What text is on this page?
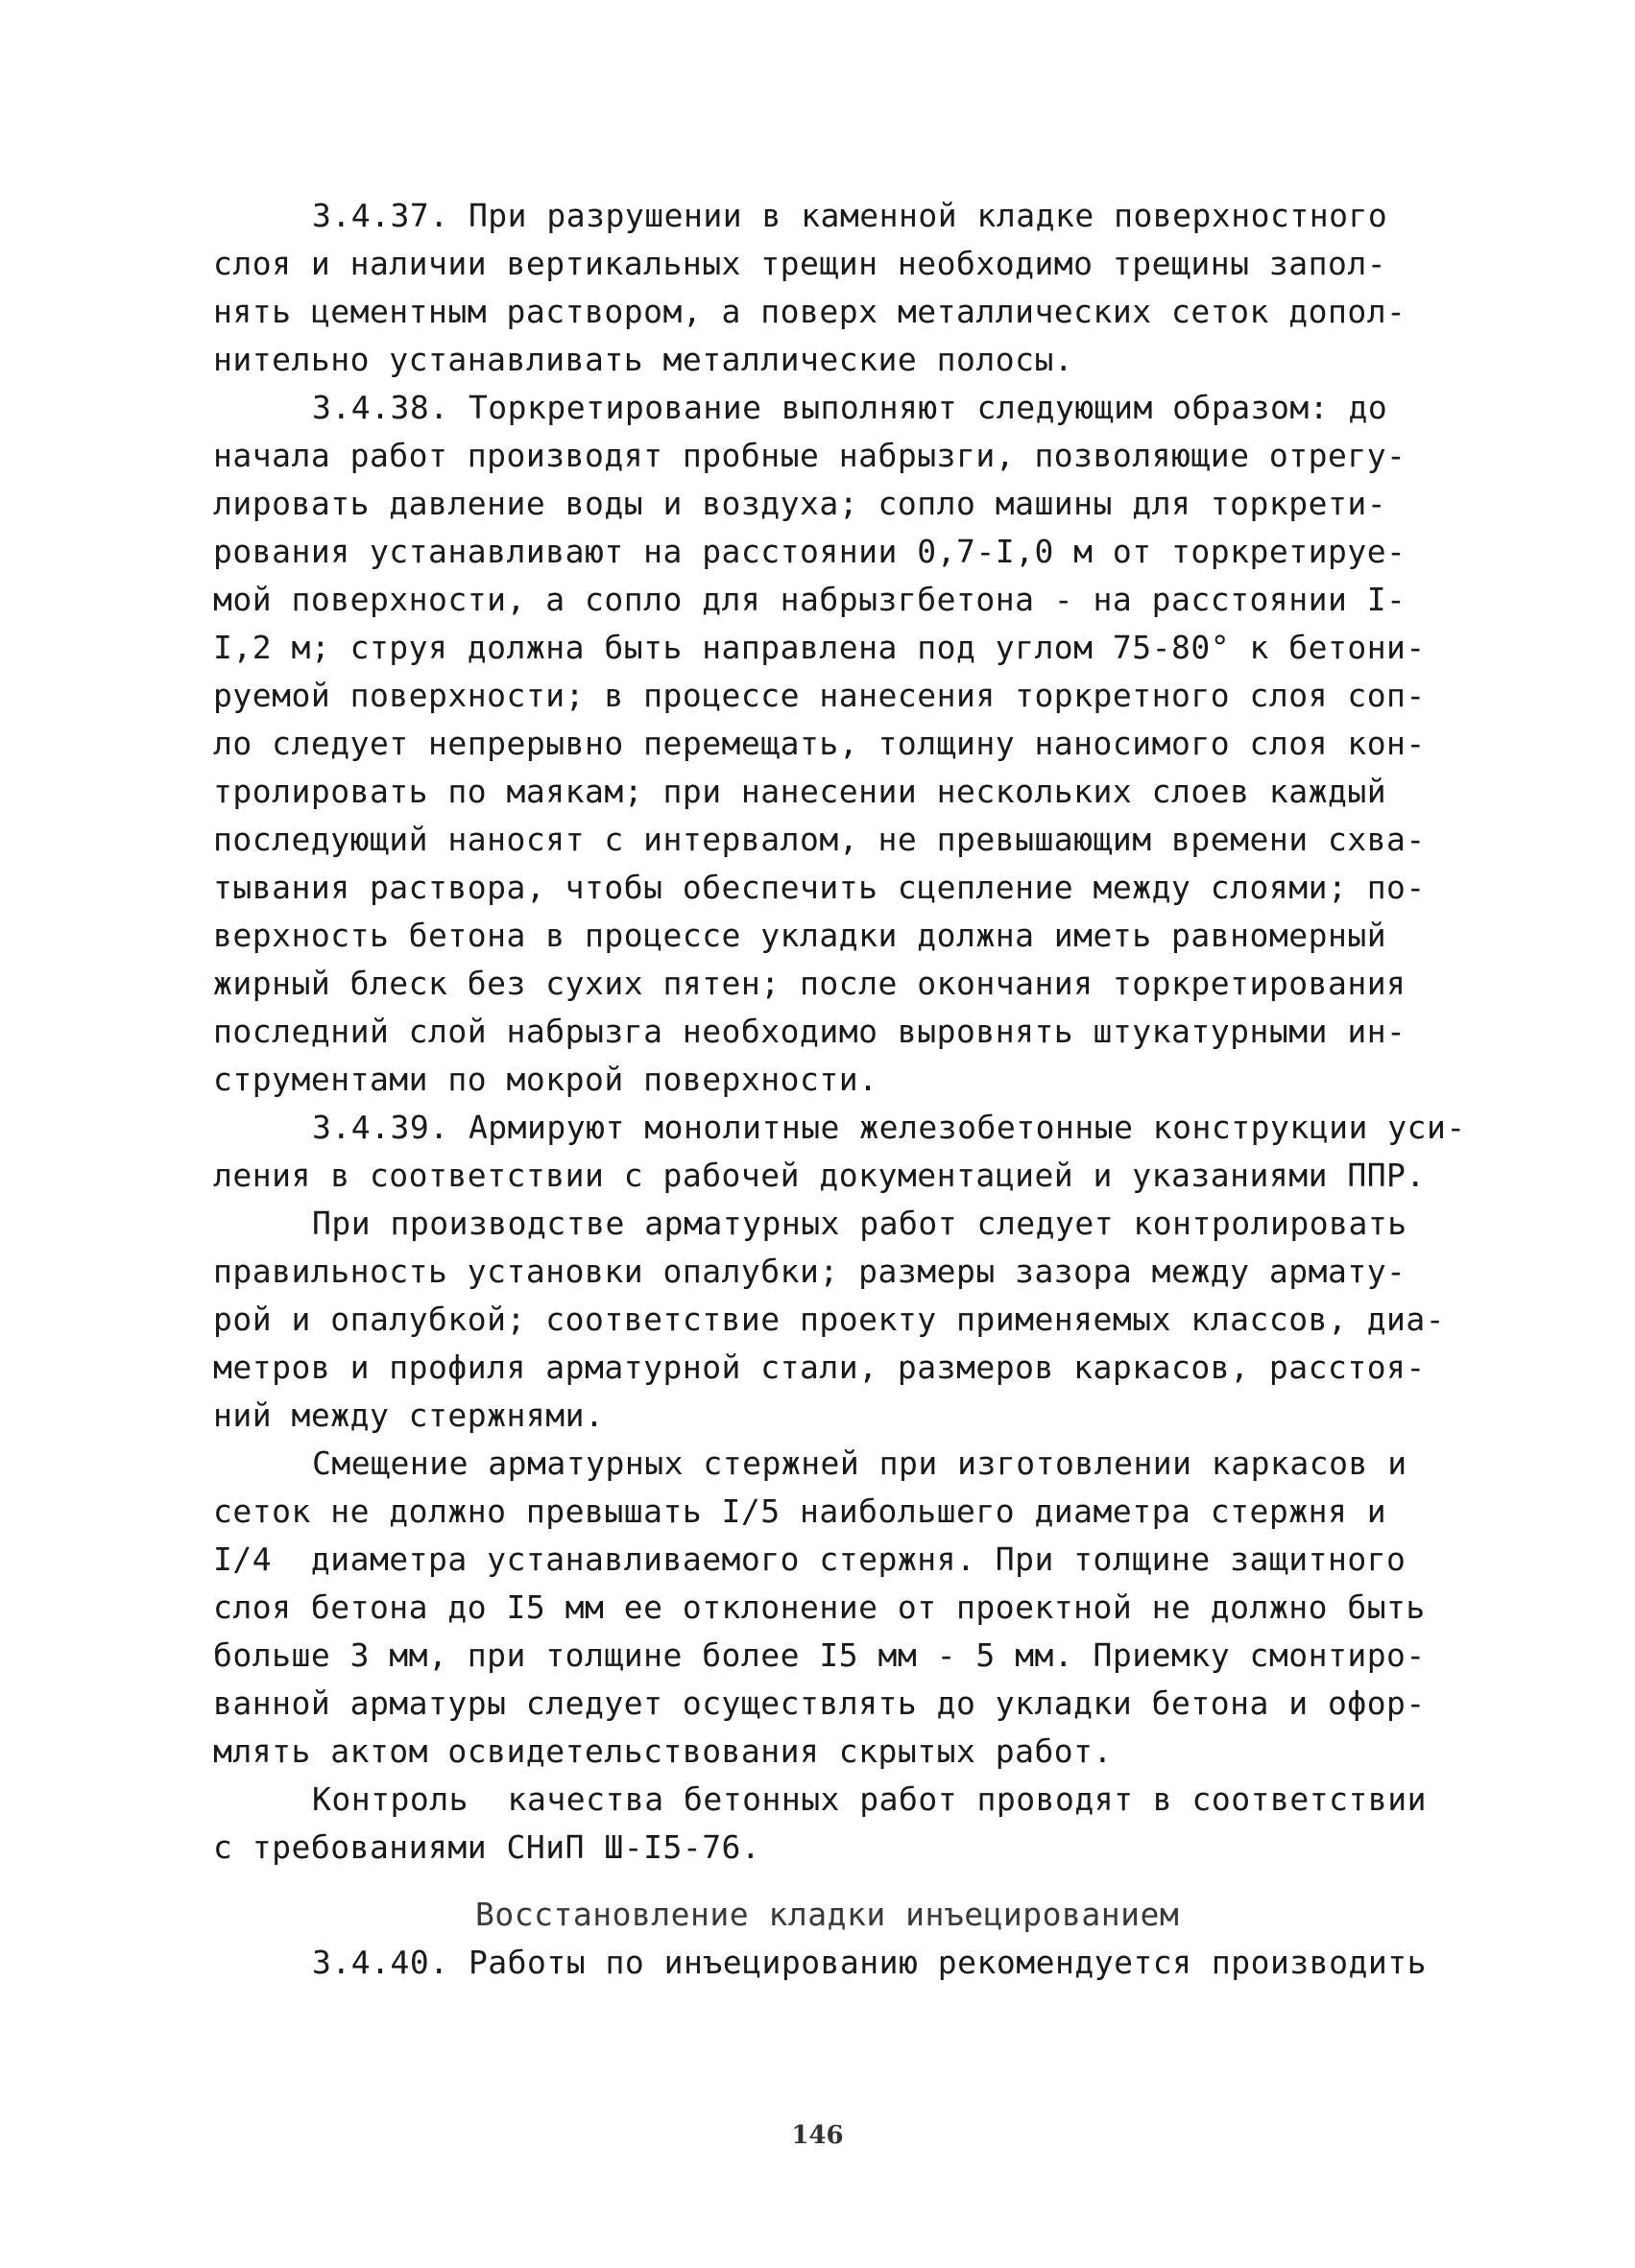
3.4.37. При разрушении в каменной кладке поверхностного
слоя и наличии вертикальных трещин необходимо трещины запол-
нять цементным раствором, а поверх металлических сеток допол-
нительно устанавливать металлические полосы.
3.4.38. Торкретирование выполняют следующим образом: до
начала работ производят пробные набрызги, позволяющие отрегу-
лировать давление воды и воздуха; сопло машины для торкрети-
рования устанавливают на расстоянии 0,7-I,0 м от торкретируе-
мой поверхности, а сопло для набрызгбетона - на расстоянии I-
I,2 м; струя должна быть направлена под углом 75-80° к бетони-
руемой поверхности; в процессе нанесения торкретного слоя соп-
ло следует непрерывно перемещать, толщину наносимого слоя кон-
тролировать по маякам; при нанесении нескольких слоев каждый
последующий наносят с интервалом, не превышающим времени схва-
тывания раствора, чтобы обеспечить сцепление между слоями; по-
верхность бетона в процессе укладки должна иметь равномерный
жирный блеск без сухих пятен; после окончания торкретирования
последний слой набрызга необходимо выровнять штукатурными ин-
струментами по мокрой поверхности.
3.4.39. Армируют монолитные железобетонные конструкции уси-
ления в соответствии с рабочей документацией и указаниями ППР.
При производстве арматурных работ следует контролировать
правильность установки опалубки; размеры зазора между армату-
рой и опалубкой; соответствие проекту применяемых классов, диа-
метров и профиля арматурной стали, размеров каркасов, расстоя-
ний между стержнями.
Смещение арматурных стержней при изготовлении каркасов и
сеток не должно превышать I/5 наибольшего диаметра стержня и
I/4  диаметра устанавливаемого стержня. При толщине защитного
слоя бетона до I5 мм ее отклонение от проектной не должно быть
больше 3 мм, при толщине более I5 мм - 5 мм. Приемку смонтиро-
ванной арматуры следует осуществлять до укладки бетона и офор-
млять актом освидетельствования скрытых работ.
Контроль  качества бетонных работ проводят в соответствии
с требованиями СНиП Ш-I5-76.
Восстановление кладки инъецированием
3.4.40. Работы по инъецированию рекомендуется производить
146
